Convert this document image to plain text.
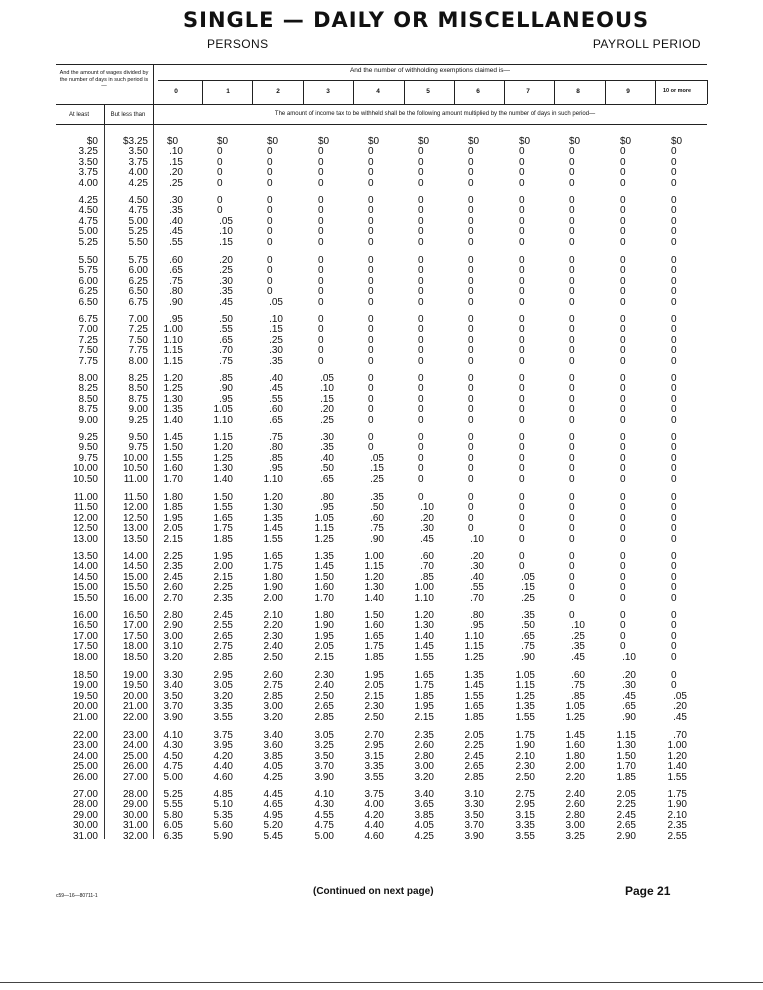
SINGLE — DAILY OR MISCELLANEOUS
PERSONS	PAYROLL PERIOD
And the amount of wages divided by the number of days in such period is—
And the number of withholding exemptions claimed is—
The amount of income tax to be withheld shall be the following amount multiplied by the number of days in such period—
At least	But less than
0	1	2	3	4	5	6	7	8	9	10 or more
$0	$3.25 $0	$0	$0	$0	$0	$0	$0	$0	$0	$0	$0
3.25	3.50	.10	0	0	0	0	0	0	0	0	0	0
3.50	3.75	.15	0	0	0	0	0	0	0	0	0	0
3.75	4.00	.20	0	0	0	0	0	0	0	0	0	0
4.00	4.25	.25	0	0	0	0	0	0	0	0	0	0
4.25	4.50	.30	0	0	0	0	0	0	0	0	0	0
4.50	4.75	.35	0	0	0	0	0	0	0	0	0	0
4.75	5.00	.40	.05	0	0	0	0	0	0	0	0	0
5.00	5.25	.45	.10	0	0	0	0	0	0	0	0	0
5.25	5.50	.55	.15	0	0	0	0	0	0	0	0	0
5.50	5.75	.60	.20	0	0	0	0	0	0	0	0	0
5.75	6.00	.65	.25	0	0	0	0	0	0	0	0	0
6.00	6.25	.75	.30	0	0	0	0	0	0	0	0	0
6.25	6.50	.80	.35	0	0	0	0	0	0	0	0	0
6.50	6.75	.90	.45	.05	0	0	0	0	0	0	0	0
6.75	7.00	.95	.50	.10	0	0	0	0	0	0	0	0
7.00	7.25	1.00	.55	.15	0	0	0	0	0	0	0	0
7.25	7.50	1.10	.65	.25	0	0	0	0	0	0	0	0
7.50	7.75	1.15	.70	.30	0	0	0	0	0	0	0	0
7.75	8.00	1.15	.75	.35	0	0	0	0	0	0	0	0
8.00	8.25	1.20	.85	.40	.05	0	0	0	0	0	0	0
8.25	8.50	1.25	.90	.45	.10	0	0	0	0	0	0	0
8.50	8.75	1.30	.95	.55	.15	0	0	0	0	0	0	0
8.75	9.00	1.35	1.05	.60	.20	0	0	0	0	0	0	0
9.00	9.25	1.40	1.10	.65	.25	0	0	0	0	0	0	0
9.25	9.50	1.45	1.15	.75	.30	0	0	0	0	0	0	0
9.50	9.75	1.50	1.20	.80	.35	0	0	0	0	0	0	0
9.75	10.00	1.55	1.25	.85	.40	.05	0	0	0	0	0	0
10.00	10.50	1.60	1.30	.95	.50	.15	0	0	0	0	0	0
10.50	11.00	1.70	1.40	1.10	.65	.25	0	0	0	0	0	0
11.00	11.50	1.80	1.50	1.20	.80	.35	0	0	0	0	0	0
11.50	12.00	1.85	1.55	1.30	.95	.50	.10	0	0	0	0	0
12.00	12.50	1.95	1.65	1.35	1.05	.60	.20	0	0	0	0	0
12.50	13.00	2.05	1.75	1.45	1.15	.75	.30	0	0	0	0	0
13.00	13.50	2.15	1.85	1.55	1.25	.90	.45	.10	0	0	0	0
13.50	14.00	2.25	1.95	1.65	1.35	1.00	.60	.20	0	0	0	0
14.00	14.50	2.35	2.00	1.75	1.45	1.15	.70	.30	0	0	0	0
14.50	15.00	2.45	2.15	1.80	1.50	1.20	.85	.40	.05	0	0	0
15.00	15.50	2.60	2.25	1.90	1.60	1.30	1.00	.55	.15	0	0	0
15.50	16.00	2.70	2.35	2.00	1.70	1.40	1.10	.70	.25	0	0	0
16.00	16.50	2.80	2.45	2.10	1.80	1.50	1.20	.80	.35	0	0	0
16.50	17.00	2.90	2.55	2.20	1.90	1.60	1.30	.95	.50	.10	0	0
17.00	17.50	3.00	2.65	2.30	1.95	1.65	1.40	1.10	.65	.25	0	0
17.50	18.00	3.10	2.75	2.40	2.05	1.75	1.45	1.15	.75	.35	0	0
18.00	18.50	3.20	2.85	2.50	2.15	1.85	1.55	1.25	.90	.45	.10	0
18.50	19.00	3.30	2.95	2.60	2.30	1.95	1.65	1.35	1.05	.60	.20	0
19.00	19.50	3.40	3.05	2.75	2.40	2.05	1.75	1.45	1.15	.75	.30	0
19.50	20.00	3.50	3.20	2.85	2.50	2.15	1.85	1.55	1.25	.85	.45	.05
20.00	21.00	3.70	3.35	3.00	2.65	2.30	1.95	1.65	1.35	1.05	.65	.20
21.00	22.00	3.90	3.55	3.20	2.85	2.50	2.15	1.85	1.55	1.25	.90	.45
22.00	23.00	4.10	3.75	3.40	3.05	2.70	2.35	2.05	1.75	1.45	1.15	.70
23.00	24.00	4.30	3.95	3.60	3.25	2.95	2.60	2.25	1.90	1.60	1.30	1.00
24.00	25.00	4.50	4.20	3.85	3.50	3.15	2.80	2.45	2.10	1.80	1.50	1.20
25.00	26.00	4.75	4.40	4.05	3.70	3.35	3.00	2.65	2.30	2.00	1.70	1.40
26.00	27.00	5.00	4.60	4.25	3.90	3.55	3.20	2.85	2.50	2.20	1.85	1.55
27.00	28.00	5.25	4.85	4.45	4.10	3.75	3.40	3.10	2.75	2.40	2.05	1.75
28.00	29.00	5.55	5.10	4.65	4.30	4.00	3.65	3.30	2.95	2.60	2.25	1.90
29.00	30.00	5.80	5.35	4.95	4.55	4.20	3.85	3.50	3.15	2.80	2.45	2.10
30.00	31.00	6.05	5.60	5.20	4.75	4.40	4.05	3.70	3.35	3.00	2.65	2.35
31.00	32.00	6.35	5.90	5.45	5.00	4.60	4.25	3.90	3.55	3.25	2.90	2.55
c59—16—80711-1	(Continued on next page)	Page 21
